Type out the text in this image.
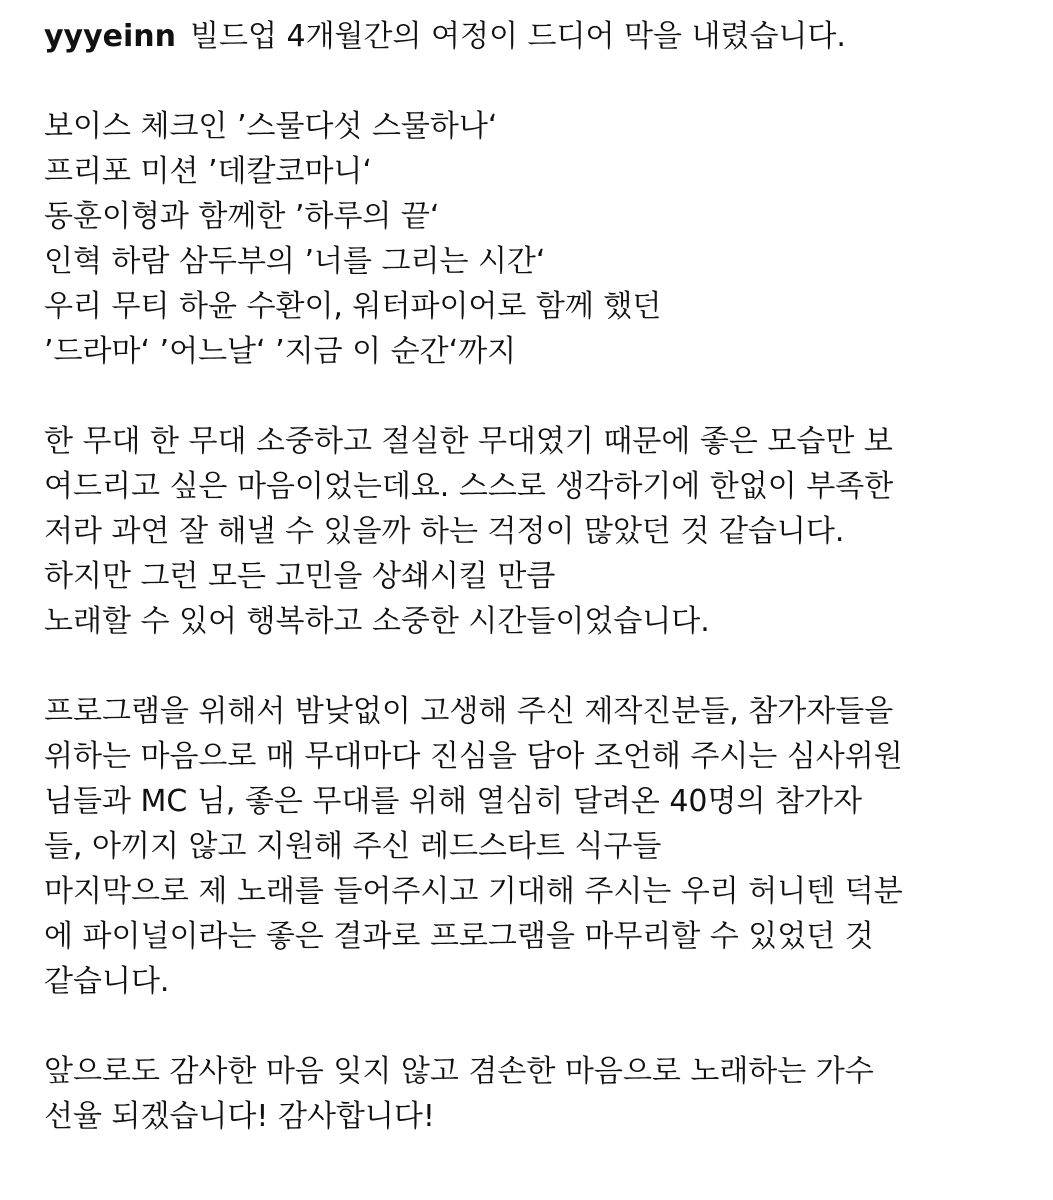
yyyeinn 빌드업 4개월간의 여정이 드디어 막을 내렸습니다.
보이스 체크인 ’스물다섯 스물하나‘
프리포 미션 ’데칼코마니‘
동훈이형과 함께한 ’하루의 끝‘
인혁 하람 삼두부의 ’너를 그리는 시간‘
우리 무티 하윤 수환이, 워터파이어로 함께 했던
’드라마‘ ’어느날‘ ’지금 이 순간‘까지
한 무대 한 무대 소중하고 절실한 무대였기 때문에 좋은 모습만 보
여드리고 싶은 마음이었는데요. 스스로 생각하기에 한없이 부족한
저라 과연 잘 해낼 수 있을까 하는 걱정이 많았던 것 같습니다.
하지만 그런 모든 고민을 상쇄시킬 만큼
노래할 수 있어 행복하고 소중한 시간들이었습니다.
프로그램을 위해서 밤낮없이 고생해 주신 제작진분들, 참가자들을
위하는 마음으로 매 무대마다 진심을 담아 조언해 주시는 심사위원
님들과 MC 님, 좋은 무대를 위해 열심히 달려온 40명의 참가자
들, 아끼지 않고 지원해 주신 레드스타트 식구들
마지막으로 제 노래를 들어주시고 기대해 주시는 우리 허니텐 덕분
에 파이널이라는 좋은 결과로 프로그램을 마무리할 수 있었던 것
같습니다.
앞으로도 감사한 마음 잊지 않고 겸손한 마음으로 노래하는 가수
선율 되겠습니다! 감사합니다!
